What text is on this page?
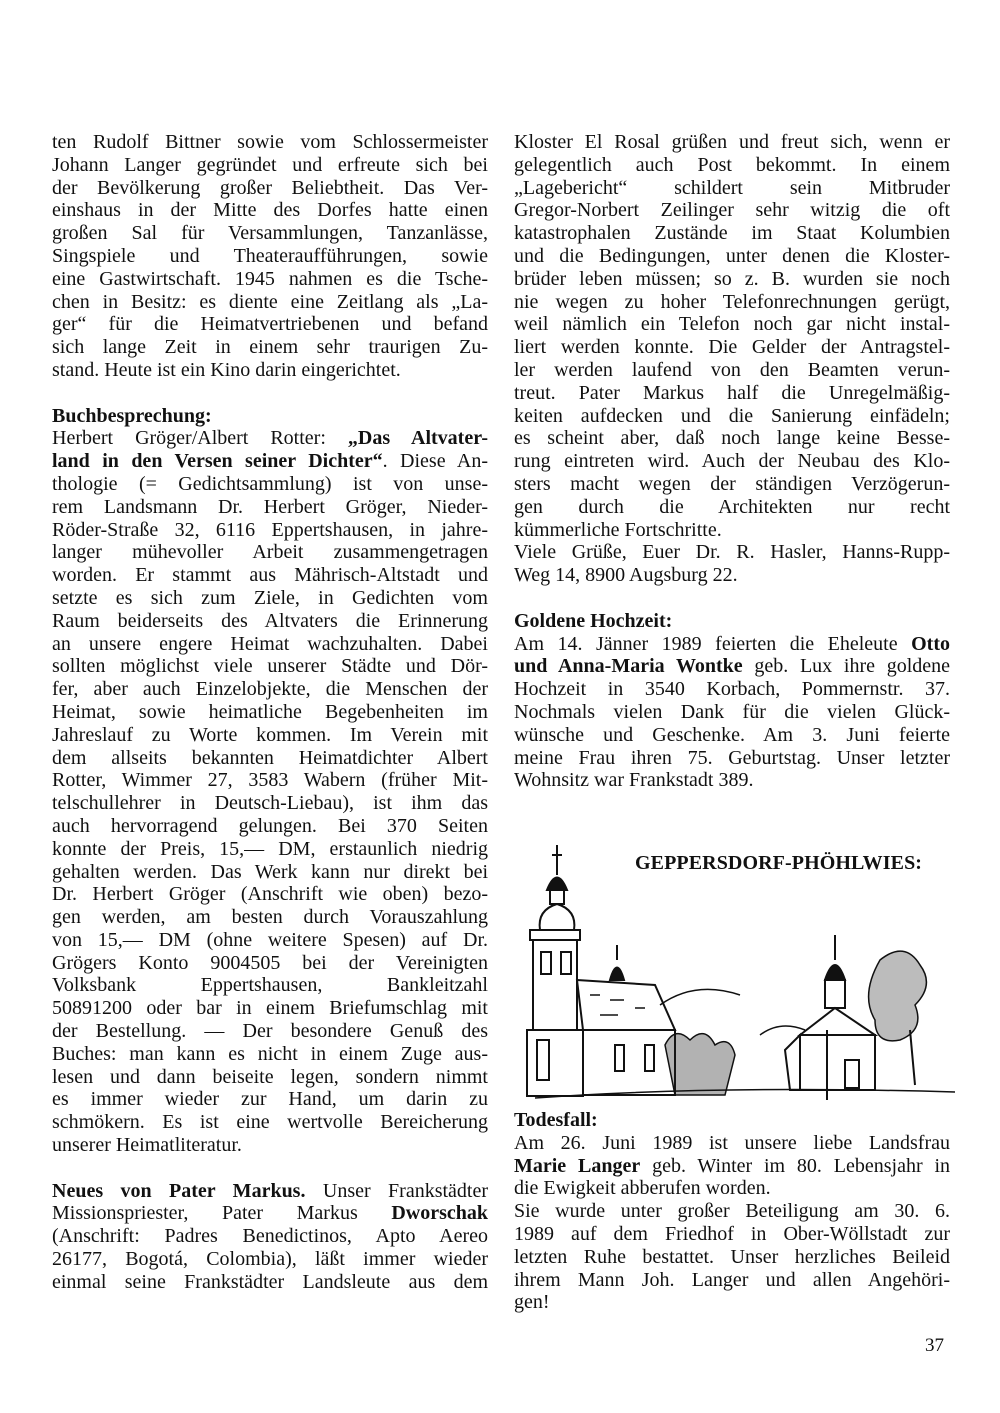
ten Rudolf Bittner sowie vom Schlossermeister
Johann Langer gegründet und erfreute sich bei
der Bevölkerung großer Beliebtheit. Das Ver-
einshaus in der Mitte des Dorfes hatte einen
großen Sal für Versammlungen, Tanzanlässe,
Singspiele und Theateraufführungen, sowie
eine Gastwirtschaft. 1945 nahmen es die Tsche-
chen in Besitz: es diente eine Zeitlang als „La-
ger“ für die Heimatvertriebenen und befand
sich lange Zeit in einem sehr traurigen Zu-
stand. Heute ist ein Kino darin eingerichtet.
Buchbesprechung:
Herbert Gröger/Albert Rotter: „Das Altvater-
land in den Versen seiner Dichter“. Diese An-
thologie (= Gedichtsammlung) ist von unse-
rem Landsmann Dr. Herbert Gröger, Nieder-
Röder-Straße 32, 6116 Eppertshausen, in jahre-
langer mühevoller Arbeit zusammengetragen
worden. Er stammt aus Mährisch-Altstadt und
setzte es sich zum Ziele, in Gedichten vom
Raum beiderseits des Altvaters die Erinnerung
an unsere engere Heimat wachzuhalten. Dabei
sollten möglichst viele unserer Städte und Dör-
fer, aber auch Einzelobjekte, die Menschen der
Heimat, sowie heimatliche Begebenheiten im
Jahreslauf zu Worte kommen. Im Verein mit
dem allseits bekannten Heimatdichter Albert
Rotter, Wimmer 27, 3583 Wabern (früher Mit-
telschullehrer in Deutsch-Liebau), ist ihm das
auch hervorragend gelungen. Bei 370 Seiten
konnte der Preis, 15,— DM, erstaunlich niedrig
gehalten werden. Das Werk kann nur direkt bei
Dr. Herbert Gröger (Anschrift wie oben) bezo-
gen werden, am besten durch Vorauszahlung
von 15,— DM (ohne weitere Spesen) auf Dr.
Grögers Konto 9004505 bei der Vereinigten
Volksbank Eppertshausen, Bankleitzahl
50891200 oder bar in einem Briefumschlag mit
der Bestellung. — Der besondere Genuß des
Buches: man kann es nicht in einem Zuge aus-
lesen und dann beiseite legen, sondern nimmt
es immer wieder zur Hand, um darin zu
schmökern. Es ist eine wertvolle Bereicherung
unserer Heimatliteratur.
Neues von Pater Markus. Unser Frankstädter
Missionspriester, Pater Markus Dworschak
(Anschrift: Padres Benedictinos, Apto Aereo
26177, Bogotá, Colombia), läßt immer wieder
einmal seine Frankstädter Landsleute aus dem
Kloster El Rosal grüßen und freut sich, wenn er
gelegentlich auch Post bekommt. In einem
„Lagebericht“ schildert sein Mitbruder
Gregor-Norbert Zeilinger sehr witzig die oft
katastrophalen Zustände im Staat Kolumbien
und die Bedingungen, unter denen die Kloster-
brüder leben müssen; so z. B. wurden sie noch
nie wegen zu hoher Telefonrechnungen gerügt,
weil nämlich ein Telefon noch gar nicht instal-
liert werden konnte. Die Gelder der Antragstel-
ler werden laufend von den Beamten verun-
treut. Pater Markus half die Unregelmäßig-
keiten aufdecken und die Sanierung einfädeln;
es scheint aber, daß noch lange keine Besse-
rung eintreten wird. Auch der Neubau des Klo-
sters macht wegen der ständigen Verzögerun-
gen durch die Architekten nur recht
kümmerliche Fortschritte.
Viele Grüße, Euer Dr. R. Hasler, Hanns-Rupp-
Weg 14, 8900 Augsburg 22.
Goldene Hochzeit:
Am 14. Jänner 1989 feierten die Eheleute Otto
und Anna-Maria Wontke geb. Lux ihre goldene
Hochzeit in 3540 Korbach, Pommernstr. 37.
Nochmals vielen Dank für die vielen Glück-
wünsche und Geschenke. Am 3. Juni feierte
meine Frau ihren 75. Geburtstag. Unser letzter
Wohnsitz war Frankstadt 389.
GEPPERSDORF-PHÖHLWIES:
Todesfall:
Am 26. Juni 1989 ist unsere liebe Landsfrau
Marie Langer geb. Winter im 80. Lebensjahr in
die Ewigkeit abberufen worden.
Sie wurde unter großer Beteiligung am 30. 6.
1989 auf dem Friedhof in Ober-Wöllstadt zur
letzten Ruhe bestattet. Unser herzliches Beileid
ihrem Mann Joh. Langer und allen Angehöri-
gen!
37
